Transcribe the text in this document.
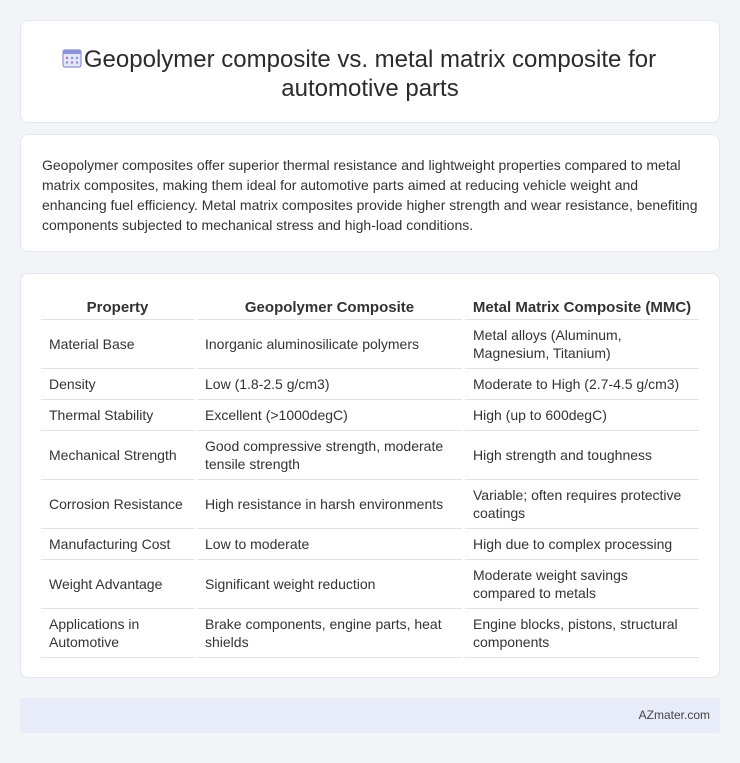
Geopolymer composite vs. metal matrix composite for automotive parts

Geopolymer composites offer superior thermal resistance and lightweight properties compared to metal matrix composites, making them ideal for automotive parts aimed at reducing vehicle weight and enhancing fuel efficiency. Metal matrix composites provide higher strength and wear resistance, benefiting components subjected to mechanical stress and high-load conditions.

Property		Geopolymer Composite		Metal Matrix Composite (MMC)
Material Base		Inorganic aluminosilicate polymers		Metal alloys (Aluminum, Magnesium, Titanium)
Density		Low (1.8-2.5 g/cm3)		Moderate to High (2.7-4.5 g/cm3)
Thermal Stability		Excellent (>1000degC)		High (up to 600degC)
Mechanical Strength		Good compressive strength, moderate tensile strength		High strength and toughness
Corrosion Resistance		High resistance in harsh environments		Variable; often requires protective coatings
Manufacturing Cost		Low to moderate		High due to complex processing
Weight Advantage		Significant weight reduction		Moderate weight savings compared to metals
Applications in Automotive		Brake components, engine parts, heat shields		Engine blocks, pistons, structural components
AZmater.com
